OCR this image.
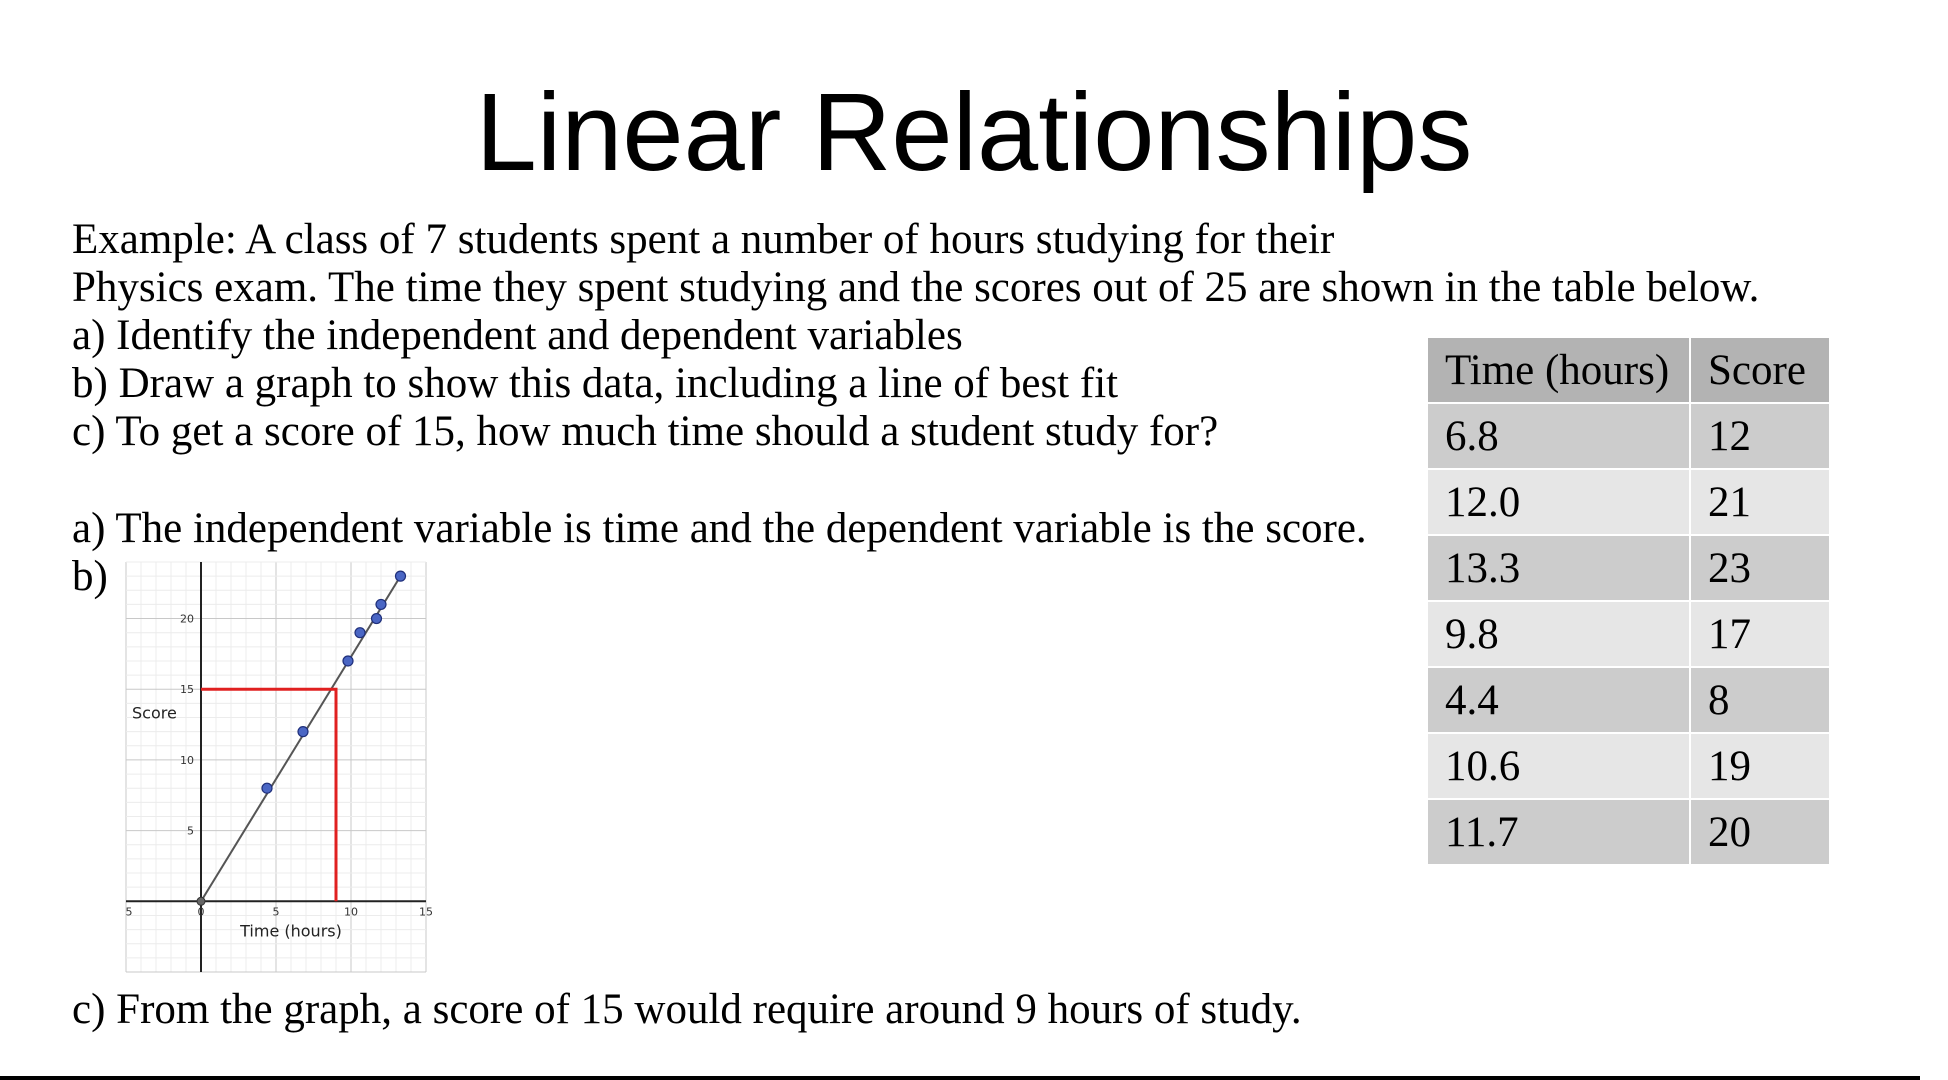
Linear Relationships
Example: A class of 7 students spent a number of hours studying for their
Physics exam. The time they spent studying and the scores out of 25 are shown in the table below.
a) Identify the independent and dependent variables
b) Draw a graph to show this data, including a line of best fit
c) To get a score of 15, how much time should a student study for?
a) The independent variable is time and the dependent variable is the score.
b)
5	0	5	10	15
5
10
15
20
Time (hours)
Score
Time (hours)	Score
6.8	12
12.0	21
13.3	23
9.8	17
4.4	8
10.6	19
11.7	20
c) From the graph, a score of 15 would require around 9 hours of study.
